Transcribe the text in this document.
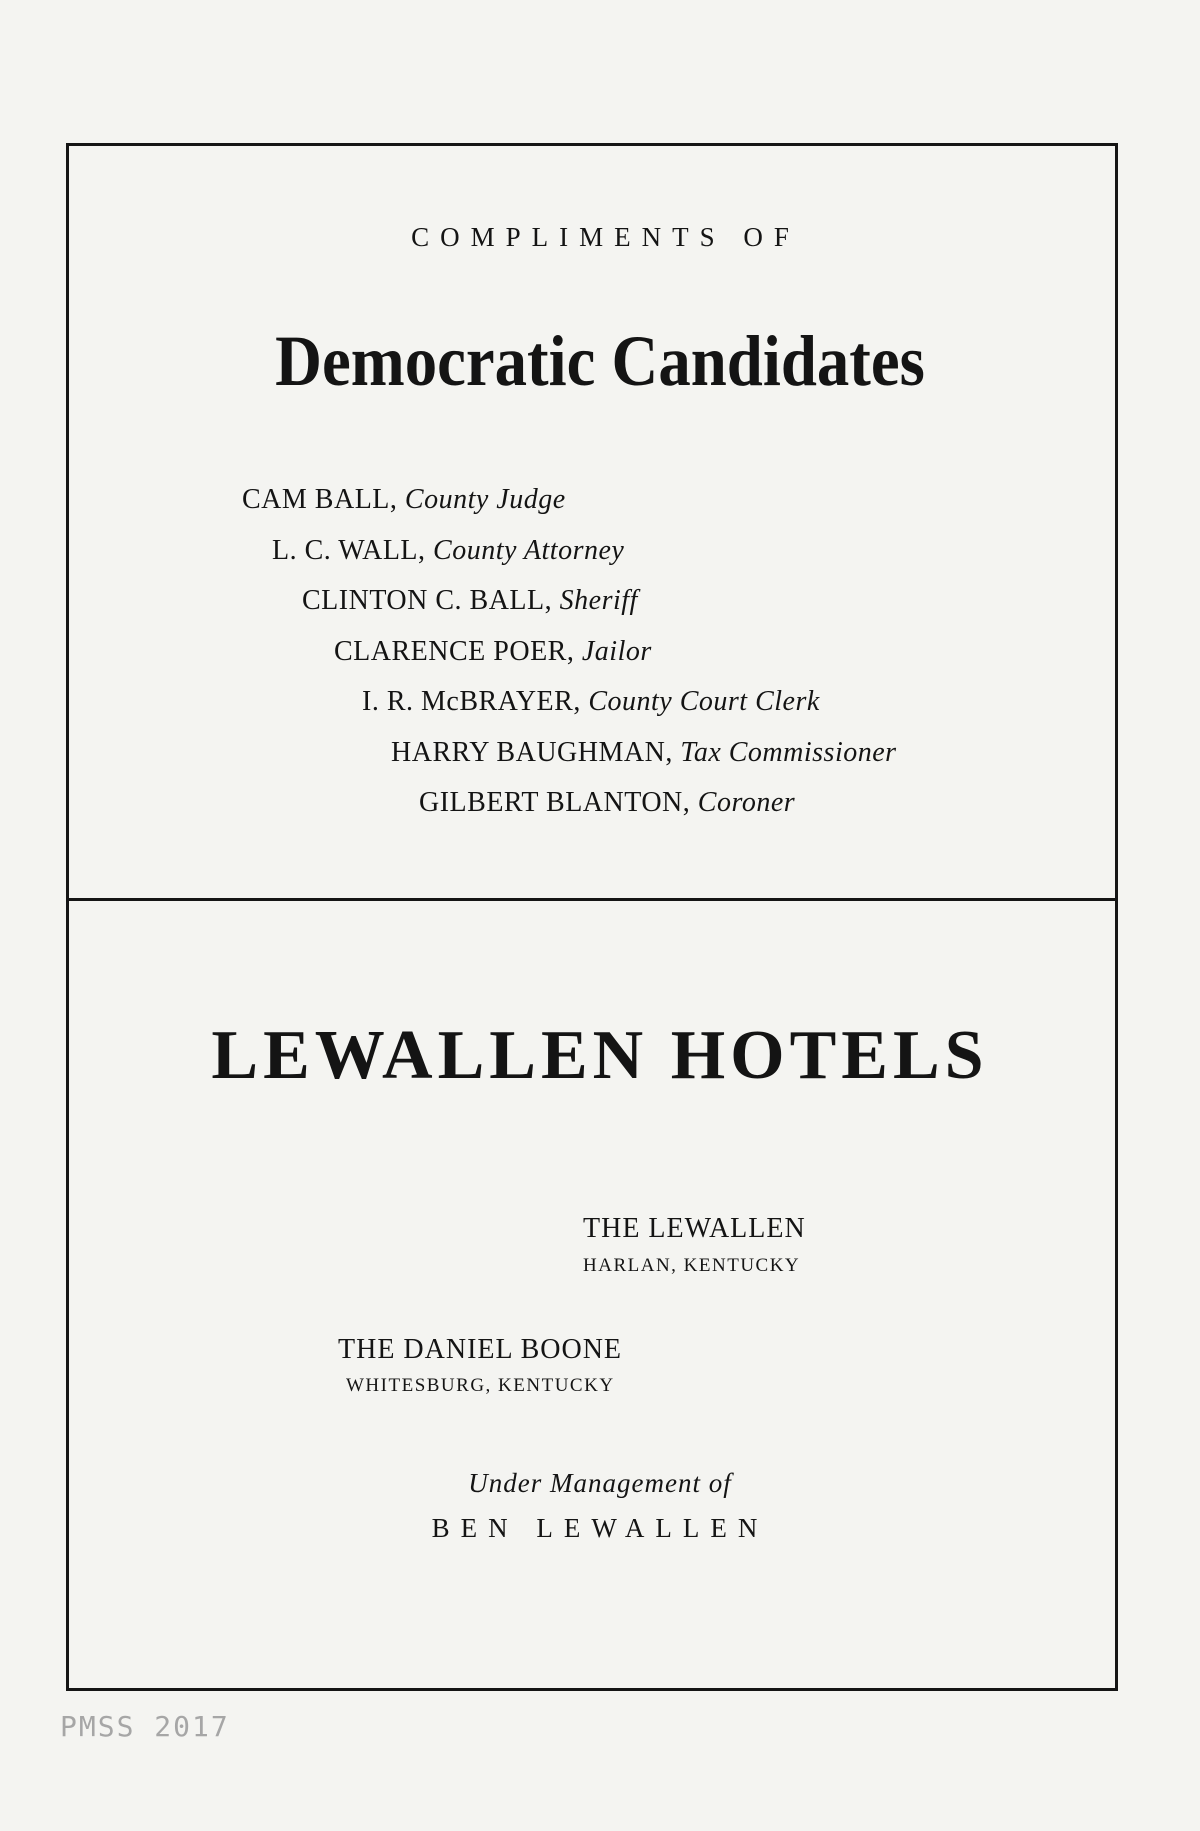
COMPLIMENTS OF
Democratic Candidates
CAM BALL, County Judge
L. C. WALL, County Attorney
CLINTON C. BALL, Sheriff
CLARENCE POER, Jailor
I. R. McBRAYER, County Court Clerk
HARRY BAUGHMAN, Tax Commissioner
GILBERT BLANTON, Coroner
LEWALLEN HOTELS
THE LEWALLEN
HARLAN, KENTUCKY
THE DANIEL BOONE
WHITESBURG, KENTUCKY
Under Management of
BEN LEWALLEN
PMSS 2017
